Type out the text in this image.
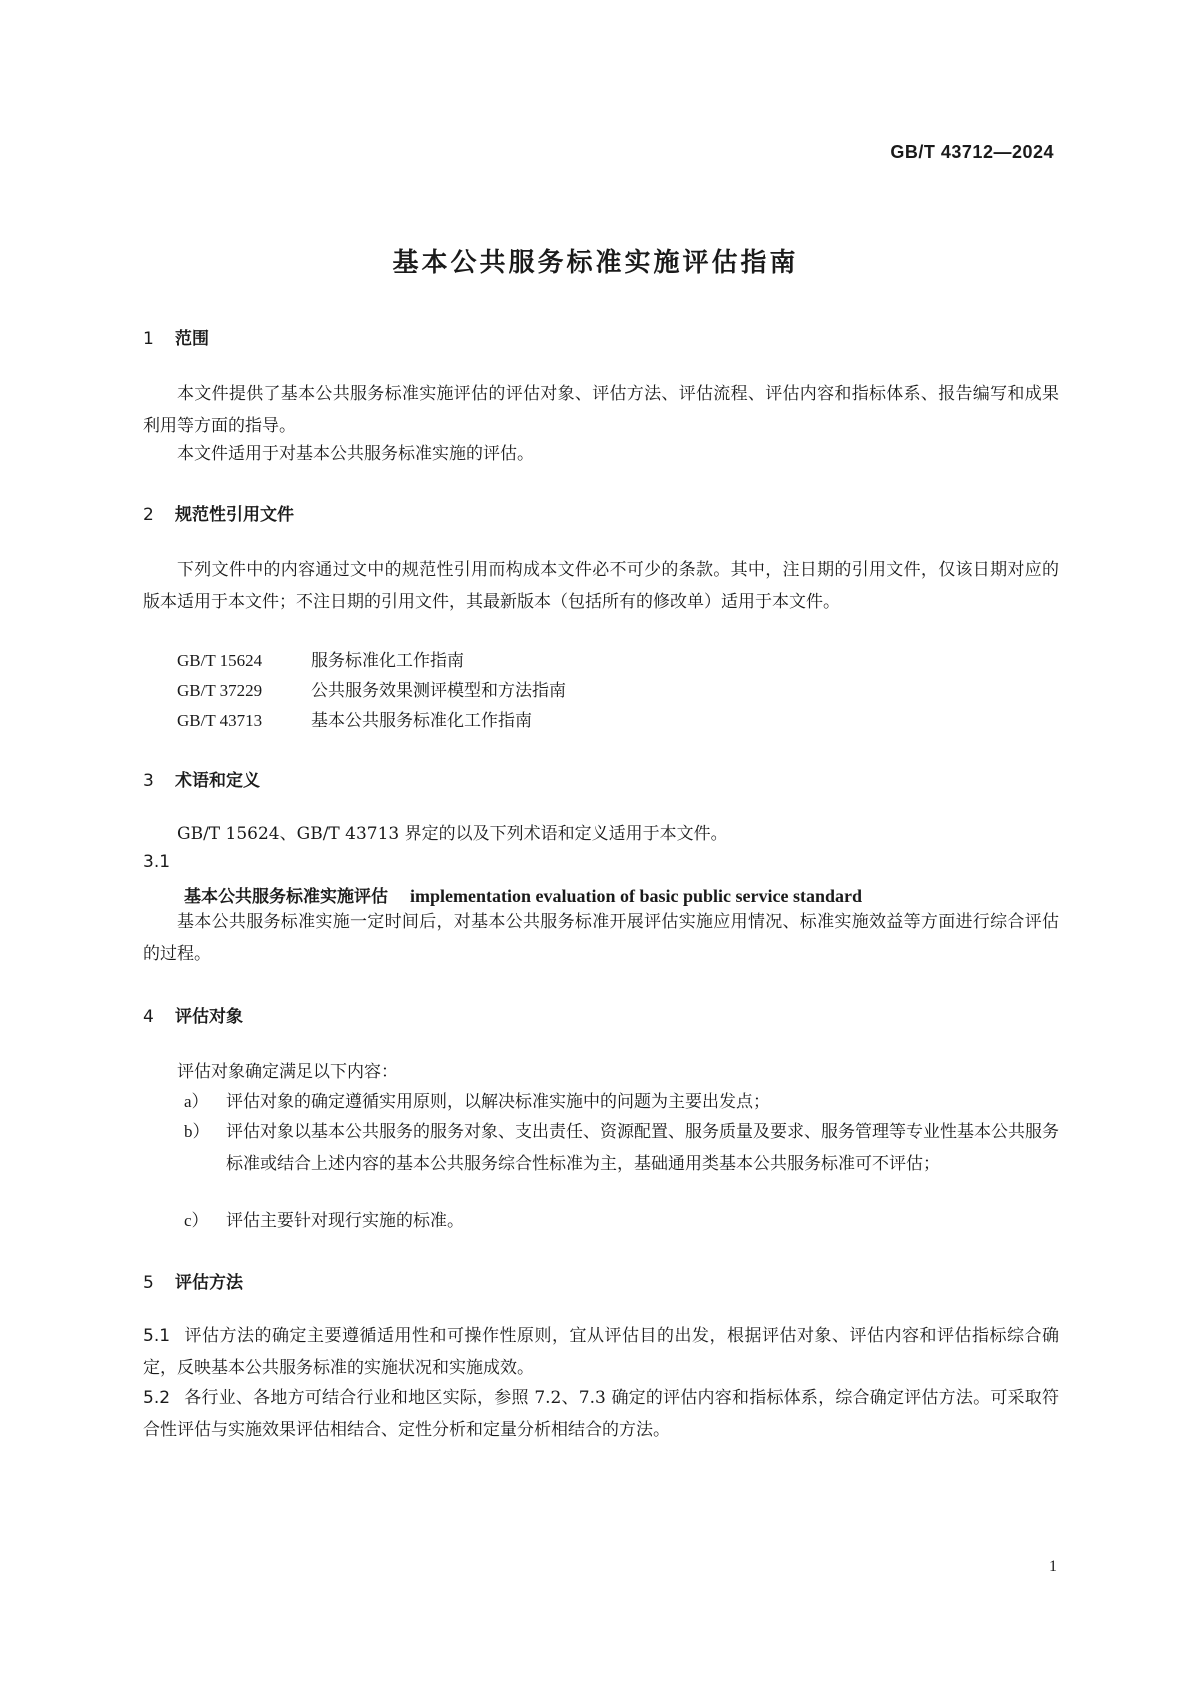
GB/T 43712—2024
基本公共服务标准实施评估指南
1 范围
本文件提供了基本公共服务标准实施评估的评估对象、评估方法、评估流程、评估内容和指标体系、报告编写和成果利用等方面的指导。
本文件适用于对基本公共服务标准实施的评估。
2 规范性引用文件
下列文件中的内容通过文中的规范性引用而构成本文件必不可少的条款。其中，注日期的引用文件，仅该日期对应的版本适用于本文件；不注日期的引用文件，其最新版本（包括所有的修改单）适用于本文件。
GB/T 15624	服务标准化工作指南
GB/T 37229	公共服务效果测评模型和方法指南
GB/T 43713	基本公共服务标准化工作指南
3 术语和定义
GB/T 15624、GB/T 43713 界定的以及下列术语和定义适用于本文件。
3.1
基本公共服务标准实施评估 implementation evaluation of basic public service standard
基本公共服务标准实施一定时间后，对基本公共服务标准开展评估实施应用情况、标准实施效益等方面进行综合评估的过程。
4 评估对象
评估对象确定满足以下内容：
a）	评估对象的确定遵循实用原则，以解决标准实施中的问题为主要出发点；
b） 评估对象以基本公共服务的服务对象、支出责任、资源配置、服务质量及要求、服务管理等专业性基本公共服务标准或结合上述内容的基本公共服务综合性标准为主，基础通用类基本公共服务标准可不评估；
c）	评估主要针对现行实施的标准。
5 评估方法
5.1 评估方法的确定主要遵循适用性和可操作性原则，宜从评估目的出发，根据评估对象、评估内容和评估指标综合确定，反映基本公共服务标准的实施状况和实施成效。
5.2 各行业、各地方可结合行业和地区实际，参照 7.2、7.3 确定的评估内容和指标体系，综合确定评估方法。可采取符合性评估与实施效果评估相结合、定性分析和定量分析相结合的方法。
1
